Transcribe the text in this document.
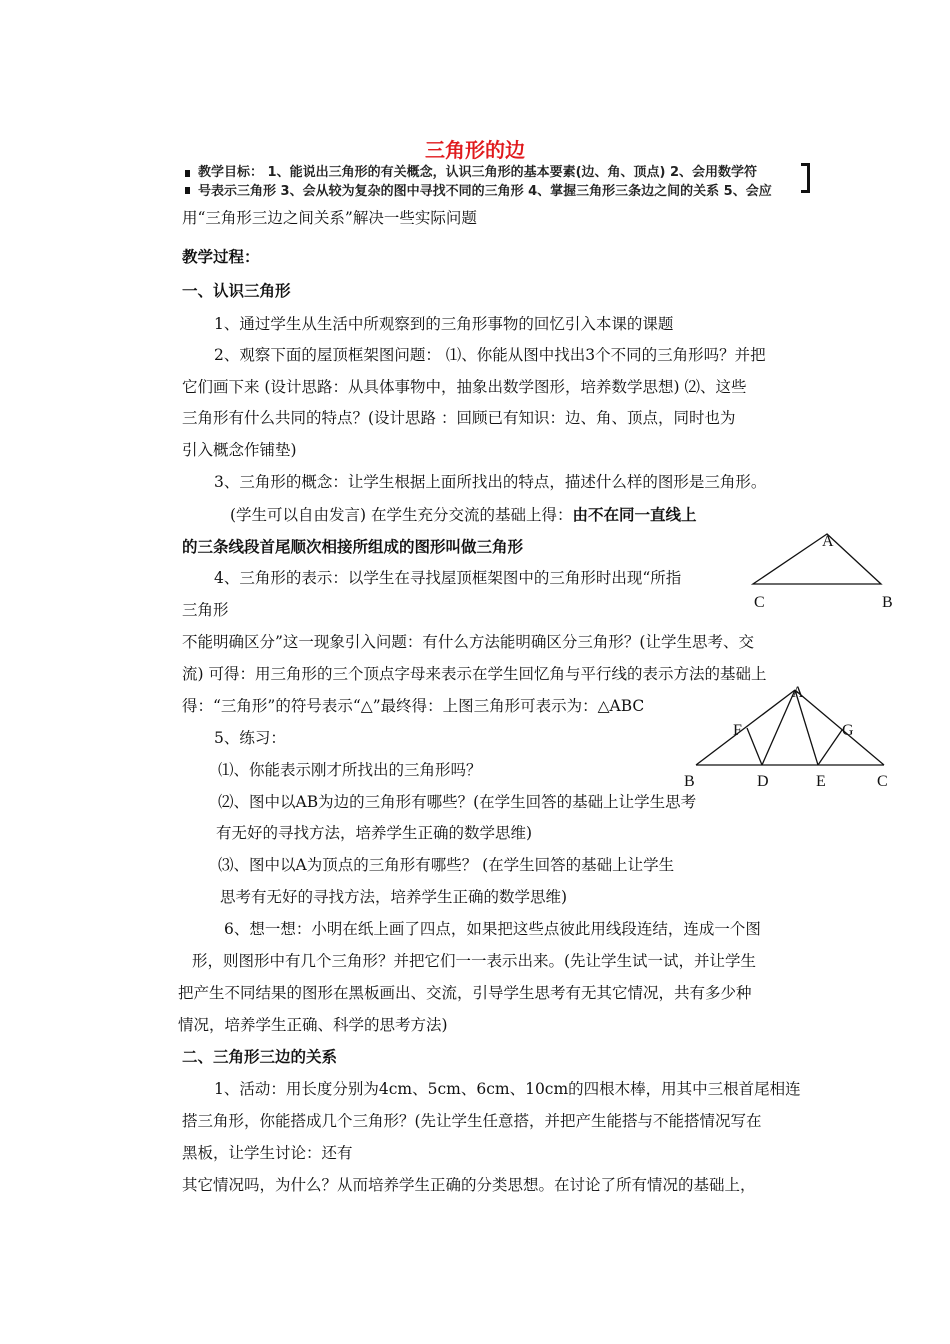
三角形的边
教学目标： 1、能说出三角形的有关概念，认识三角形的基本要素(边、角、顶点) 2、会用数学符
号表示三角形 3、会从较为复杂的图中寻找不同的三角形 4、掌握三角形三条边之间的关系 5、会应
用“三角形三边之间关系”解决一些实际问题
教学过程：
一、认识三角形
1、通过学生从生活中所观察到的三角形事物的回忆引入本课的课题
2、观察下面的屋顶框架图问题： ⑴、你能从图中找出3个不同的三角形吗？并把
它们画下来 (设计思路：从具体事物中，抽象出数学图形，培养数学思想) ⑵、这些
三角形有什么共同的特点？(设计思路 ：回顾已有知识：边、角、顶点，同时也为
引入概念作铺垫)
3、三角形的概念：让学生根据上面所找出的特点，描述什么样的图形是三角形。
(学生可以自由发言) 在学生充分交流的基础上得：由不在同一直线上
的三条线段首尾顺次相接所组成的图形叫做三角形	A
C	B
4、三角形的表示：以学生在寻找屋顶框架图中的三角形时出现“所指
三角形
不能明确区分”这一现象引入问题：有什么方法能明确区分三角形？(让学生思考、交
流) 可得：用三角形的三个顶点字母来表示在学生回忆角与平行线的表示方法的基础上
得：“三角形”的符号表示“△”最终得：上图三角形可表示为：△ABC
A
F	G
B	D	E	C
5、练习：
⑴、你能表示刚才所找出的三角形吗？
⑵、图中以AB为边的三角形有哪些？(在学生回答的基础上让学生思考
有无好的寻找方法，培养学生正确的数学思维)
⑶、图中以A为顶点的三角形有哪些？ (在学生回答的基础上让学生
思考有无好的寻找方法，培养学生正确的数学思维)
6、想一想：小明在纸上画了四点，如果把这些点彼此用线段连结，连成一个图
形，则图形中有几个三角形？并把它们一一表示出来。(先让学生试一试，并让学生
把产生不同结果的图形在黑板画出、交流，引导学生思考有无其它情况，共有多少种
情况，培养学生正确、科学的思考方法)
二、三角形三边的关系
1、活动：用长度分别为4cm、5cm、6cm、10cm的四根木棒，用其中三根首尾相连
搭三角形，你能搭成几个三角形？(先让学生任意搭，并把产生能搭与不能搭情况写在
黑板，让学生讨论：还有
其它情况吗，为什么？从而培养学生正确的分类思想。在讨论了所有情况的基础上，
